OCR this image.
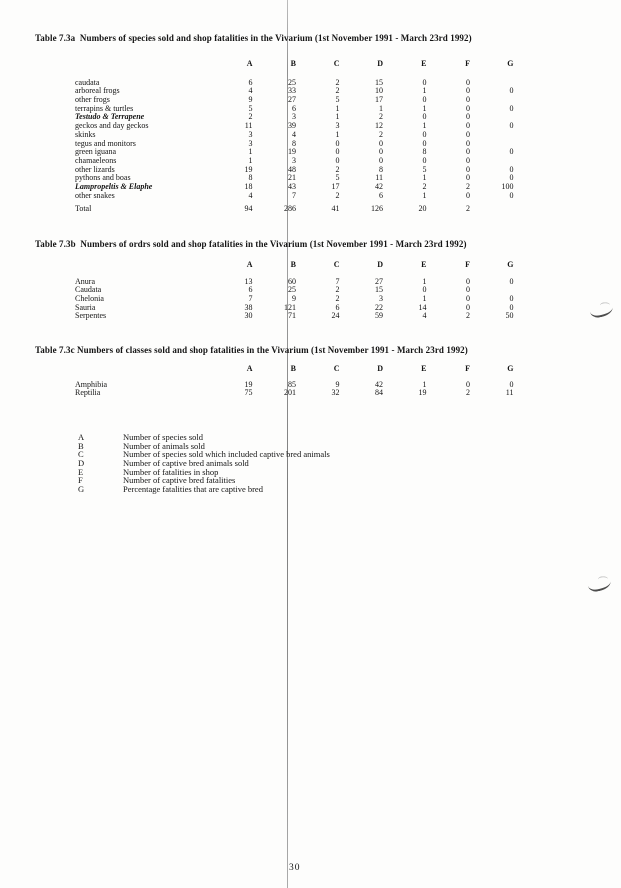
Table 7.3a  Numbers of species sold and shop fatalities in the Vivarium (1st November 1991 - March 23rd 1992)
A	B	C	D	E	F	G
caudata	6	25	2	15	0	0
arboreal frogs	4	33	2	10	1	0	0
other frogs	9	27	5	17	0	0
terrapins & turtles	5	6	1	1	1	0	0
Testudo & Terrapene	2	3	1	2	0	0
geckos and day geckos	11	39	3	12	1	0	0
skinks	3	4	1	2	0	0
tegus and monitors	3	8	0	0	0	0
green iguana	1	19	0	0	8	0	0
chamaeleons	1	3	0	0	0	0
other lizards	19	48	2	8	5	0	0
pythons and boas	8	21	5	11	1	0	0
Lampropeltis & Elaphe	18	43	17	42	2	2	100
other snakes	4	7	2	6	1	0	0
Total	94	286	41	126	20	2
Table 7.3b  Numbers of ordrs sold and shop fatalities in the Vivarium (1st November 1991 - March 23rd 1992)
A	B	C	D	E	F	G
Anura	13	60	7	27	1	0	0
Caudata	6	25	2	15	0	0
Chelonia	7	9	2	3	1	0	0
Sauria	38	121	6	22	14	0	0
Serpentes	30	71	24	59	4	2	50
Table 7.3c Numbers of classes sold and shop fatalities in the Vivarium (1st November 1991 - March 23rd 1992)
A	B	C	D	E	F	G
Amphibia	19	85	9	42	1	0	0
Reptilia	75	201	32	84	19	2	11
A	Number of species sold
B	Number of animals sold
C	Number of species sold which included captive bred animals
D	Number of captive bred animals sold
E	Number of fatalities in shop
F	Number of captive bred fatalities
G	Percentage fatalities that are captive bred
30
